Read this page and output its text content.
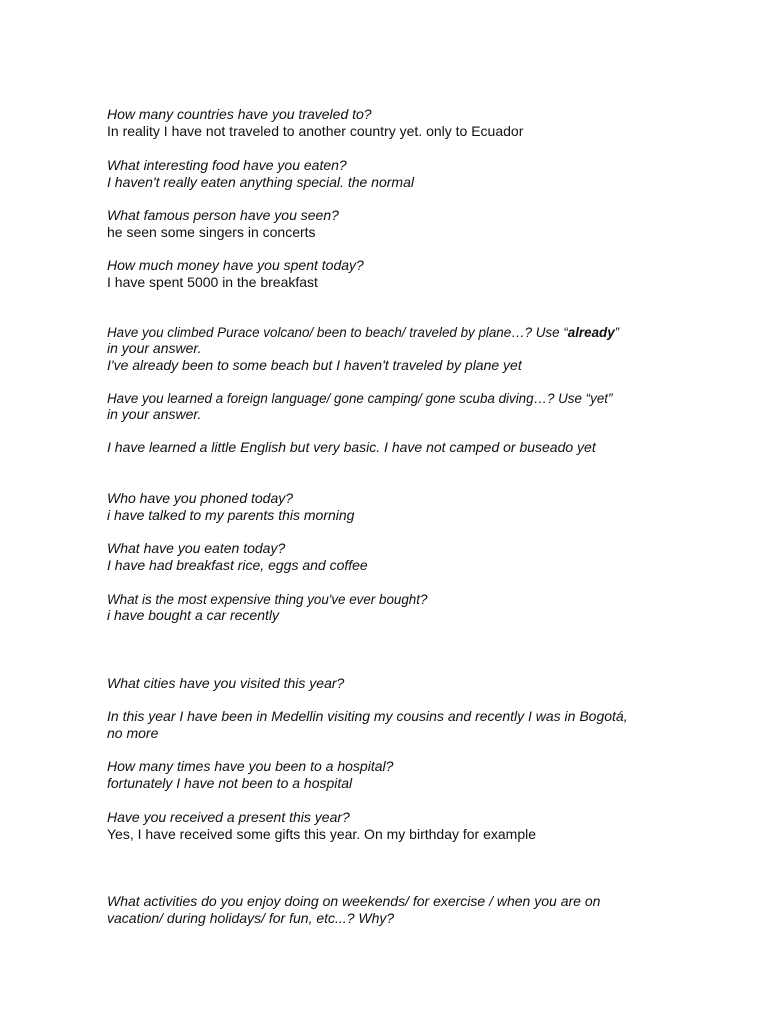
How many countries have you traveled to?
In reality I have not traveled to another country yet. only to Ecuador
What interesting food have you eaten?
I haven't really eaten anything special. the normal
What famous person have you seen?
he seen some singers in concerts
How much money have you spent today?
I have spent 5000 in the breakfast
Have you climbed Purace volcano/ been to beach/ traveled by plane…? Use “already”
in your answer.
I've already been to some beach but I haven't traveled by plane yet
Have you learned a foreign language/ gone camping/ gone scuba diving…? Use “yet”
in your answer.
I have learned a little English but very basic. I have not camped or buseado yet
Who have you phoned today?
i have talked to my parents this morning
What have you eaten today?
I have had breakfast rice, eggs and coffee
What is the most expensive thing you've ever bought?
i have bought a car recently
What cities have you visited this year?
In this year I have been in Medellin visiting my cousins and recently I was in Bogotá,
no more
How many times have you been to a hospital?
fortunately I have not been to a hospital
Have you received a present this year?
Yes, I have received some gifts this year. On my birthday for example
What activities do you enjoy doing on weekends/ for exercise / when you are on
vacation/ during holidays/ for fun, etc...? Why?
